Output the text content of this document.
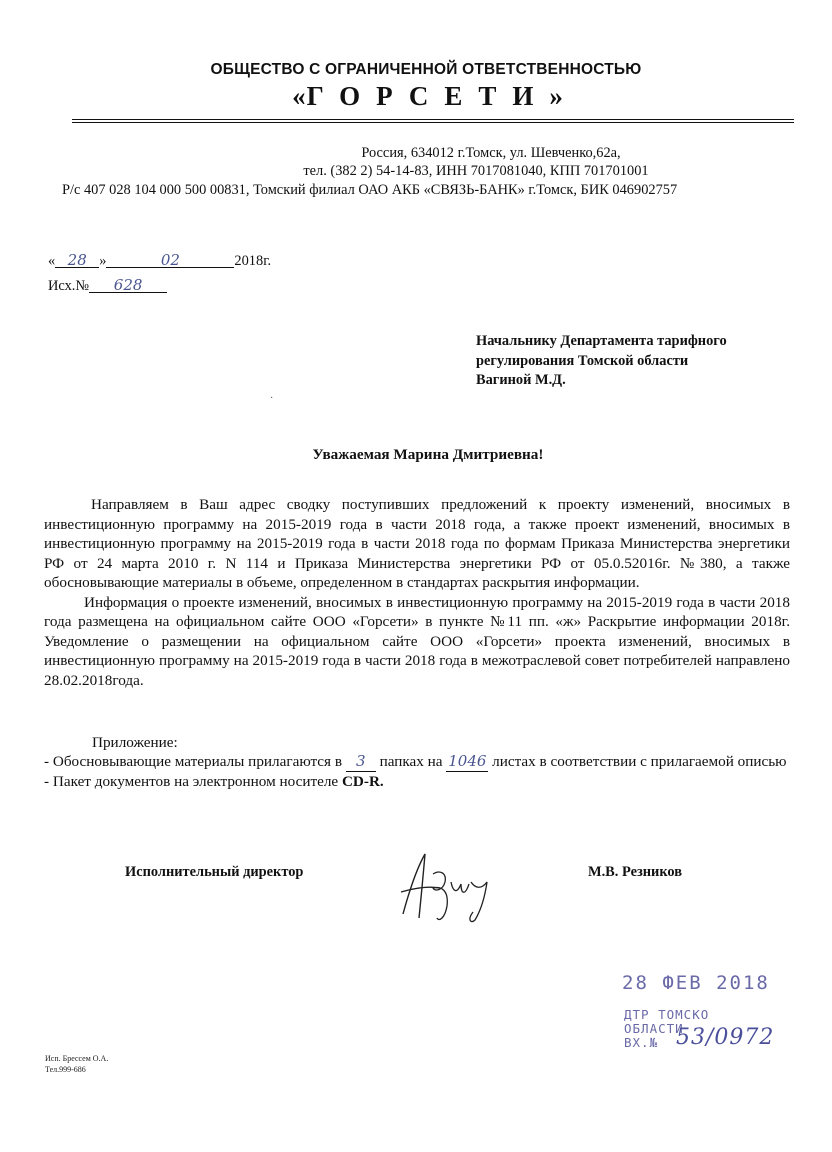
ОБЩЕСТВО С ОГРАНИЧЕННОЙ ОТВЕТСТВЕННОСТЬЮ
«ГОРСЕТИ»
Россия, 634012 г.Томск, ул. Шевченко,62а,
тел. (382 2) 54-14-83, ИНН 7017081040, КПП 701701001
Р/с 407 028 104 000 500 00831, Томский филиал ОАО АКБ «СВЯЗЬ-БАНК» г.Томск, БИК 046902757
« 28 »	02	2018г.
Исх.№ 628
Начальнику Департамента тарифного
регулирования Томской области
Вагиной М.Д.
·
Уважаемая Марина Дмитриевна!

Направляем в Ваш адрес сводку поступивших предложений к проекту изменений, вносимых в инвестиционную программу на 2015-2019 года в части 2018 года, а также проект изменений, вносимых в инвестиционную программу на 2015-2019 года в части 2018 года по формам Приказа Министерства энергетики РФ от 24 марта 2010 г. N 114 и Приказа Министерства энергетики РФ от 05.0.52016г. №380, а также обосновывающие материалы в объеме, определенном в стандартах раскрытия информации.

Информация о проекте изменений, вносимых в инвестиционную программу на 2015-2019 года в части 2018 года размещена на официальном сайте ООО «Горсети» в пункте №11 пп. «ж» Раскрытие информации 2018г. Уведомление о размещении на официальном сайте ООО «Горсети» проекта изменений, вносимых в инвестиционную программу на 2015-2019 года в части 2018 года в межотраслевой совет потребителей направлено 28.02.2018года.

Приложение:
- Обосновывающие материалы прилагаются в 3 папках на 1046 листах в соответствии с прилагаемой описью
- Пакет документов на электронном носителе CD-R.
Исполнительный директор	М.В. Резников
28 ФЕВ 2018
ДТР ТОМСКО
ОБЛАСТИ
ВХ.№ 53/0972
Исп. Брессем О.А.
Тел.999-686
